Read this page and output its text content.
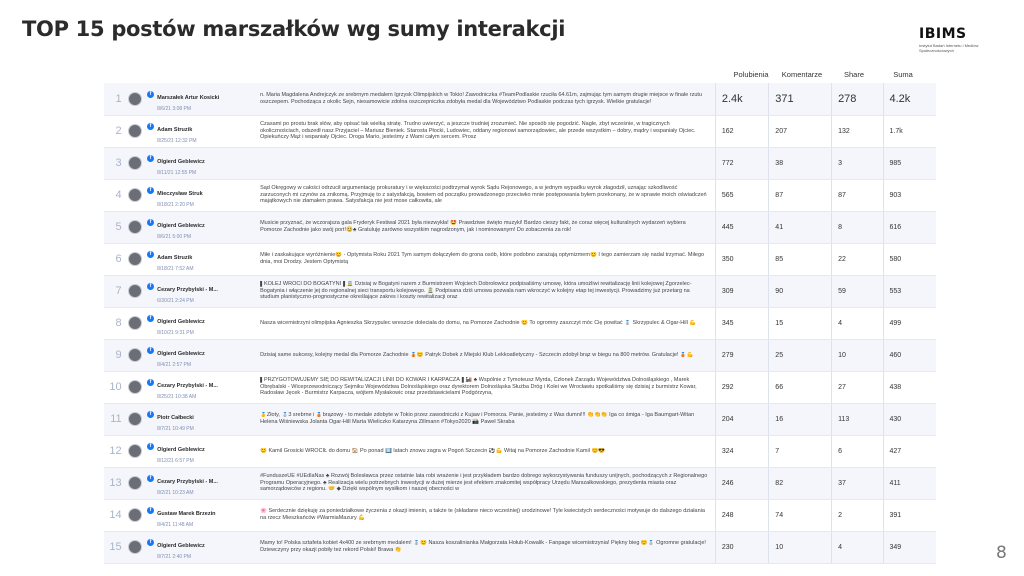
TOP 15 postów marszałków wg sumy interakcji	IBIMS
Instytut Badań Internetu i Mediów Społecznościowych
Polubienia	Komentarze	Share	Suma
1		fMarszałek Artur Kosicki
8/6/21 3:08 PM	n. Maria Magdalena Andrejczyk ze srebrnym medalem Igrzysk Olimpijskich w Tokio! Zawodniczka #TeamPodlaskie rzuciła 64.61m, zajmując tym samym drugie miejsce w finale rzutu oszczepem. Pochodząca z okolic Sejn, niesamowicie zdolna oszczepniczka zdobyła medal dla Województwo Podlaskie podczas tych igrzysk. Wielkie gratulacje!	2.4k	371	278	4.2k
2		fAdam Struzik
8/25/21 12:32 PM	Czasami po prostu brak słów, aby opisać tak wielką stratę. Trudno uwierzyć, a jeszcze trudniej zrozumieć. Nie sposób się pogodzić. Nagle, zbyt wcześnie, w tragicznych okolicznościach, odszedł nasz Przyjaciel – Mariusz Bieniek. Starosta Płocki, Ludowiec, oddany regionowi samorządowiec, ale przede wszystkim – dobry, mądry i wspaniały Ojciec. Opiekuńczy Mąż i wspaniały Ojciec. Droga Mario, jesteśmy z Wami całym sercem. Prosz	162	207	132	1.7k
3		fOlgierd Geblewicz
8/11/21 12:55 PM		772	38	3	985
4		fMieczysław Struk
8/18/21 2:20 PM	Sąd Okręgowy w całości odrzucił argumentację prokuratury i w większości podtrzymał wyrok Sądu Rejonowego, a w jednym wypadku wyrok złagodził, uznając szkodliwość zarzuconych mi czynów za znikomą. Przyjmuję to z satysfakcją, bowiem od początku prowadzonego przeciwko mnie postępowania byłem przekonany, że w sprawie moich oświadczeń majątkowych nie złamałem prawa. Satysfakcja nie jest mose całkowita, ale	565	87	87	903
5		fOlgierd Geblewicz
8/6/21 5:00 PM	Musicie przyznać, że wczorajsza gala Fryderyk Festiwal 2021 była niezwykła! 🤩 Prawdziwe święto muzyki! Bardzo cieszy fakt, że coraz więcej kulturalnych wydarzeń wybiera Pomorze Zachodnie jako swój port!😊♣ Gratuluję zarówno wszystkim nagrodzonym, jak i nominowanym! Do zobaczenia za rok!	445	41	8	616
6		fAdam Struzik
8/18/21 7:52 AM	Miłe i zaskakujące wyróżnienie😊 - Optymista Roku 2021 Tym samym dołączyłem do grona osób, które podobno zarażają optymizmem😊 I tego zamierzam się nadal trzymać. Miłego dnia, moi Drodzy. Jestem Optymistą	350	85	22	580
7		fCezary Przybylski - M...
6/30/21 2:24 PM	▌KOLEJ WRÓCI DO BOGATYNI▐ 🚊 Dzisiaj w Bogatyni razem z Burmistrzem Wojciech Dobrołowicz podpisaliśmy umowę, która umożliwi rewitalizację linii kolejowej Zgorzelec-Bogatynia i włączenie jej do regionalnej sieci transportu kolejowego. 🚊 Podpisana dziś umowa pozwala nam wkroczyć w kolejny etap tej inwestycji. Prowadzimy już przetarg na studium planistyczno-prognostyczne określające zakres i koszty rewitalizacji oraz	309	90	59	553
8		fOlgierd Geblewicz
8/10/21 9:31 PM	Nasza wicemistrzyni olimpijska Agnieszka Skrzypulec wreszcie doleciała do domu, na Pomorze Zachodnie 😊 To ogromny zaszczyt móc Cię powitać 🥈 Skrzypulec & Ogar-Hill 💪	345	15	4	499
9		fOlgierd Geblewicz
8/4/21 2:57 PM	Dzisiaj same sukcesy, kolejny medal dla Pomorze Zachodnie 🥉😊 Patryk Dobek z Miejski Klub Lekkoatletyczny - Szczecin zdobył brąz w biegu na 800 metrów. Gratulacje! 🥉💪	279	25	10	460
10		fCezary Przybylski - M...
8/25/21 10:38 AM	▌PRZYGOTOWUJEMY SIĘ DO REWITALIZACJI LINII DO KOWAR I KARPACZA▐ 🚂 ♣ Wspólnie z Tymoteusz Myrda, Członek Zarządu Województwa Dolnośląskiego , Marek Obrębalski - Wiceprzewodniczący Sejmiku Województwa Dolnośląskiego oraz dyrektorem Dolnośląska Służba Dróg i Kolei we Wrocławiu spotkaliśmy się dzisiaj z burmistrz Kowar, Radosław Jęcek - Burmistrz Karpacza, wójtem Mysłakowic oraz przedstawicielami Podgórzyna,	292	66	27	438
11		fPiotr Całbecki
8/7/21 10:49 PM	🥇Złoty, 🥈3 srebrne i 🥉brązowy - to medale zdobyte w Tokio przez zawodniczki z Kujaw i Pomorza. Panie, jesteśmy z Was dumni!!! 👏👏👏 Iga co śmiga - Iga Baumgart-Witan Helena Wiśniewska Jolanta Ogar-Hill Marta Wieliczko Katarzyna Zillmann #Tokyo2020 📸 Paweł Skraba	204	16	113	430
12		fOlgierd Geblewicz
8/12/21 6:57 PM	😊 Kamil Grosicki WRÓCIŁ do domu 🏠 Po ponad 🔟 latach znowu zagra w Pogoń Szczecin ⚽💪 Witaj na Pomorze Zachodnie Kamil 😊😎	324	7	6	427
13		fCezary Przybylski - M...
8/2/21 10:23 AM	#FunduszeUE #UEdlaNas ♣ Rozwój Bolesławca przez ostatnie lata robi wrażenie i jest przykładem bardzo dobrego wykorzystywania funduszy unijnych, pochodzących z Regionalnego Programu Operacyjnego. ♣ Realizacja wielu potrzebnych inwestycji w dużej mierze jest efektem znakomitej współpracy Urzędu Marszałkowskiego, prezydenta miasta oraz samorządowców z regionu. 🤝 ◆ Dzięki wspólnym wysiłkom i naszej obecności w	246	82	37	411
14		fGustaw Marek Brzezin
8/4/21 11:48 AM	🌸 Serdecznie dziękuję za poniedziałkowe życzenia z okazji imienin, a także te (składane nieco wcześniej) urodzinowe! Tyle kwiecistych serdeczności motywuje do dalszego działania na rzecz Mieszkańców #WarmiaMazury 💪	248	74	2	391
15		fOlgierd Geblewicz
8/7/21 2:40 PM	Mamy to! Polska sztafeta kobiet 4x400 ze srebrnym medalem! 🥈😊 Nasza koszalinianka Małgorzata Hołub-Kowalik - Fanpage wicemistrzynia! Piękny bieg 😊🥈 Ogromne gratulacje! Dziewczyny przy okazji pobiły też rekord Polski! Brawa 👏	230	10	4	349	8
